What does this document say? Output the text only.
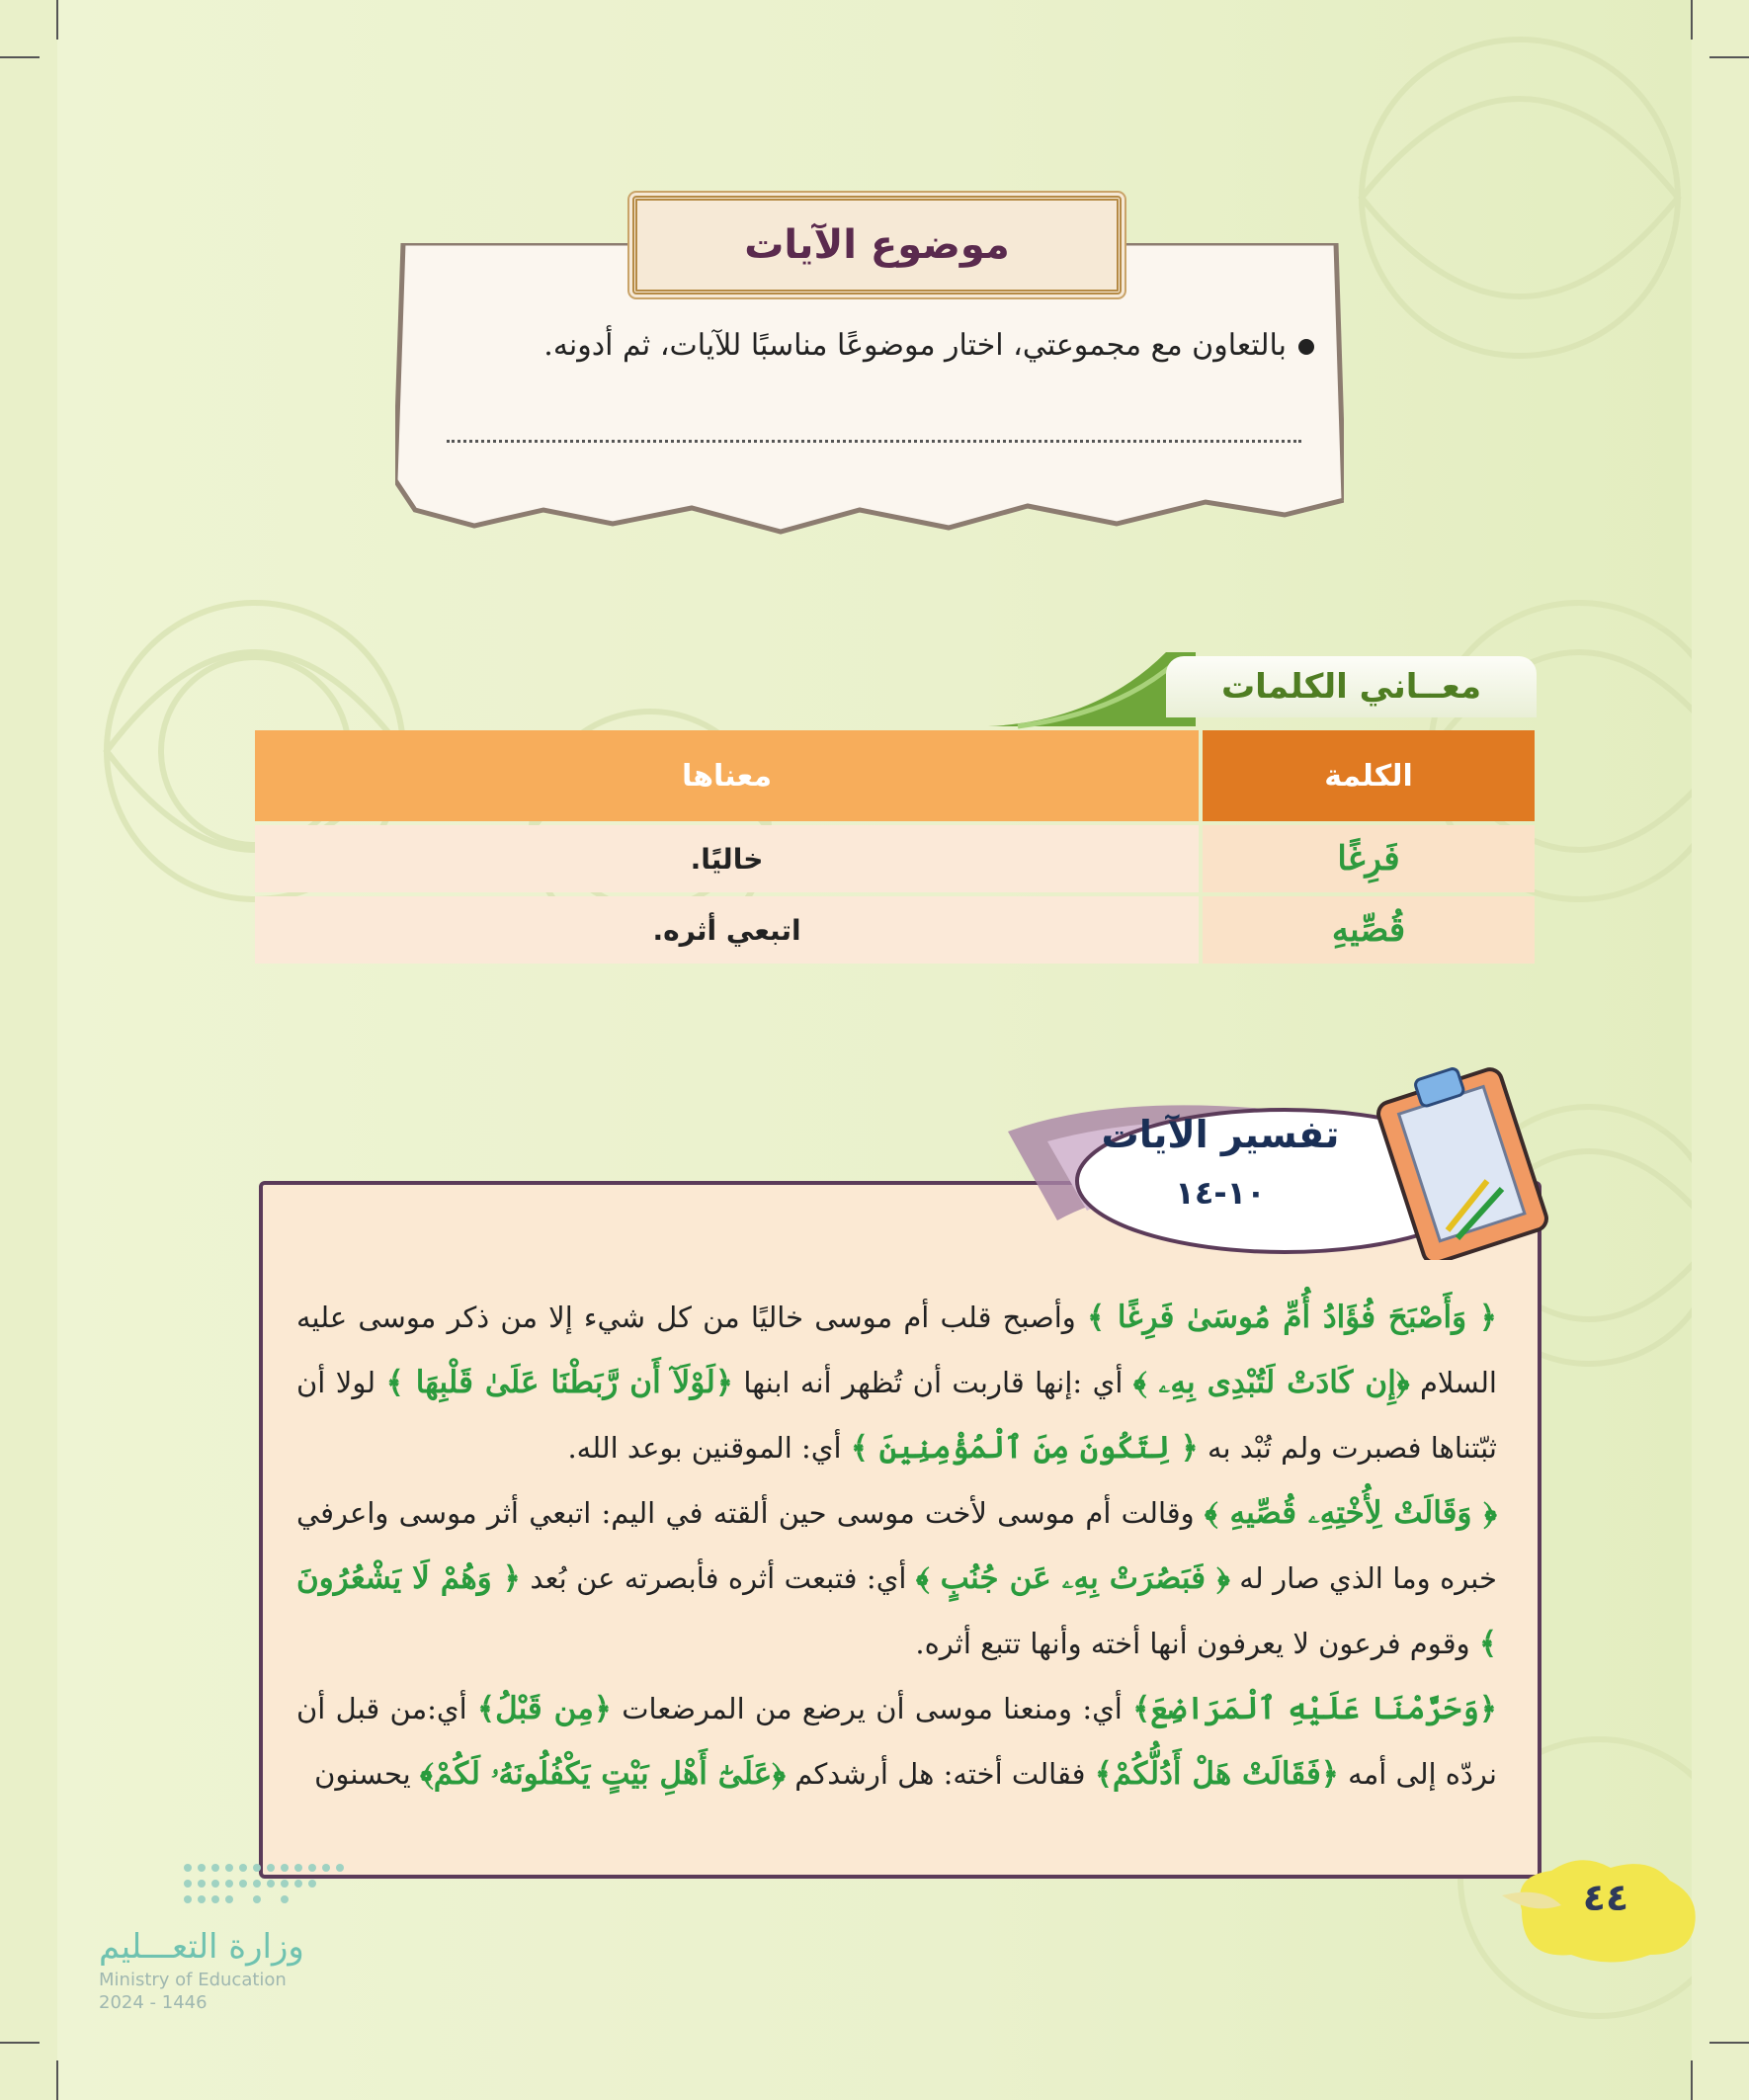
موضوع الآيات
بالتعاون مع مجموعتي، اختار موضوعًا مناسبًا للآيات، ثم أدونه.
معــاني الكلمات
الكلمة	معناها
فَرِغًا	خاليًا.
قُصِّيهِ	اتبعي أثره.
تفسير الآيات
١٠-١٤

﴿ وَأَصْبَحَ فُؤَادُ أُمِّ مُوسَىٰ فَرِغًا ﴾ وأصبح قلب أم موسى خاليًا من كل شيء إلا من ذكر موسى عليه السلام ﴿إِن كَادَتْ لَتُبْدِى بِهِۦ ﴾ أي :إنها قاربت أن تُظهر أنه ابنها ﴿لَوْلَآ أَن رَّبَطْنَا عَلَىٰ قَلْبِهَا ﴾ لولا أن ثبّتناها فصبرت ولم تُبْد به ﴿ لِتَكُونَ مِنَ ٱلْمُؤْمِنِينَ ﴾ أي: الموقنين بوعد الله.

﴿ وَقَالَتْ لِأُخْتِهِۦ قُصِّيهِ ﴾ وقالت أم موسى لأخت موسى حين ألقته في اليم: اتبعي أثر موسى واعرفي خبره وما الذي صار له ﴿ فَبَصُرَتْ بِهِۦ عَن جُنُبٍ ﴾ أي: فتبعت أثره فأبصرته عن بُعد ﴿ وَهُمْ لَا يَشْعُرُونَ ﴾ وقوم فرعون لا يعرفون أنها أخته وأنها تتبع أثره.

﴿وَحَرَّمْنَا عَلَيْهِ ٱلْمَرَاضِعَ﴾ أي: ومنعنا موسى أن يرضع من المرضعات ﴿مِن قَبْلُ﴾ أي:من قبل أن نردّه إلى أمه ﴿فَقَالَتْ هَلْ أَدُلُّكُمْ﴾ فقالت أخته: هل أرشدكم ﴿عَلَىٰٓ أَهْلِ بَيْتٍ يَكْفُلُونَهُۥ لَكُمْ﴾ يحسنون

٤٤
وزارة التعـــليم
Ministry of Education
2024 - 1446
